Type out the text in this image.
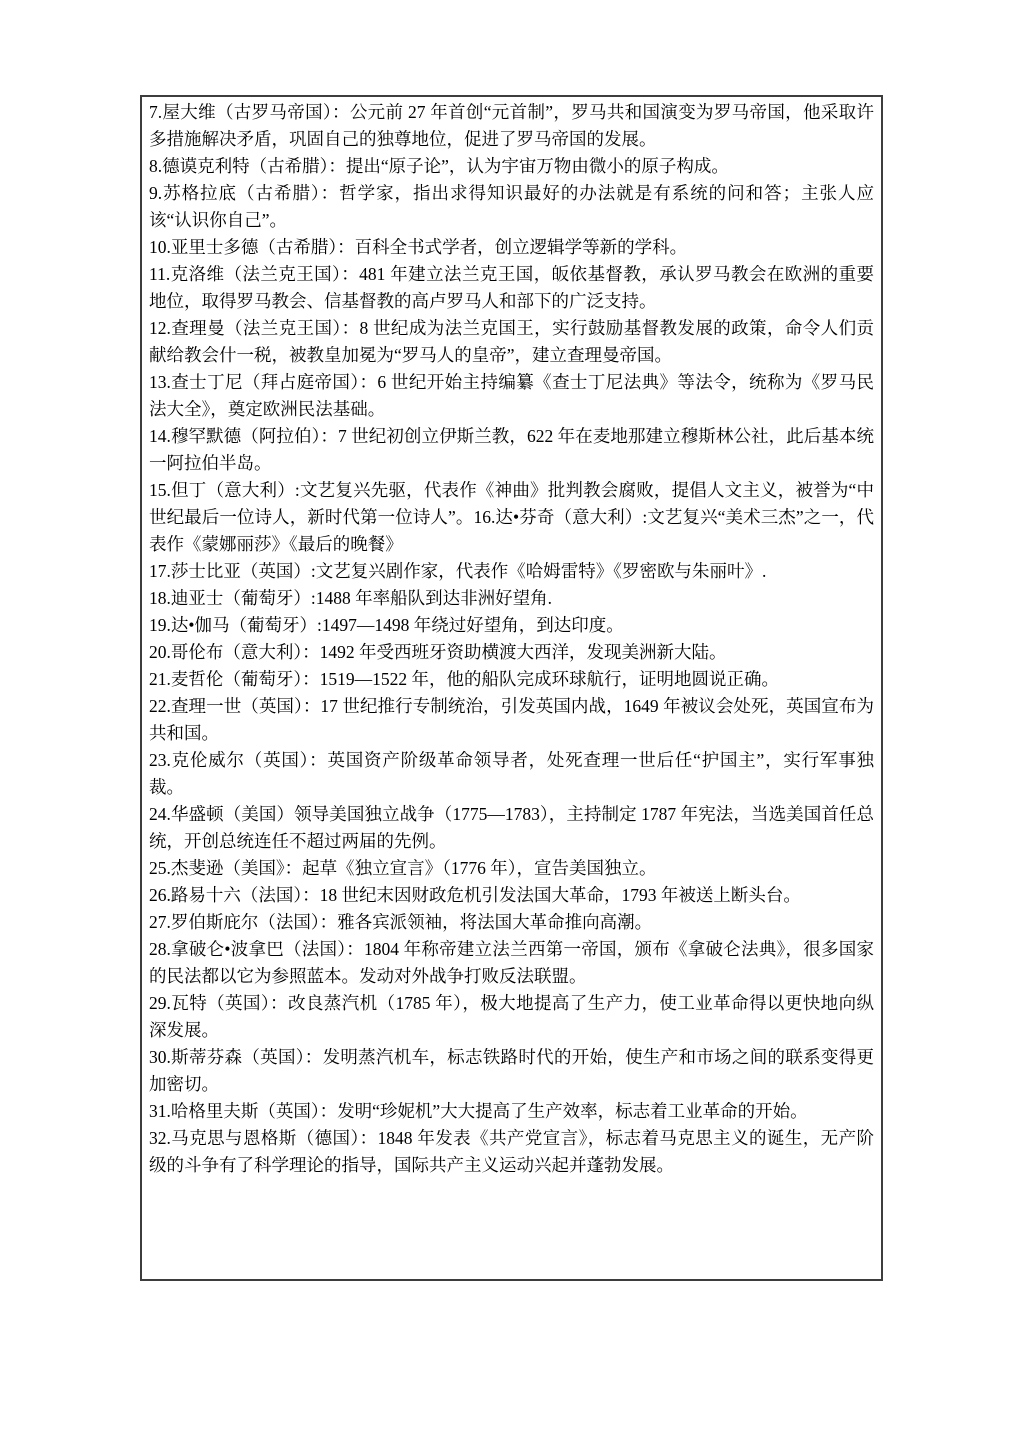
7.屋大维（古罗马帝国）：公元前 27 年首创“元首制”，罗马共和国演变为罗马帝国，他采取许多措施解决矛盾，巩固自己的独尊地位，促进了罗马帝国的发展。

8.德谟克利特（古希腊）：提出“原子论”，认为宇宙万物由微小的原子构成。

9.苏格拉底（古希腊）：哲学家，指出求得知识最好的办法就是有系统的问和答；主张人应该“认识你自己”。

10.亚里士多德（古希腊）：百科全书式学者，创立逻辑学等新的学科。

11.克洛维（法兰克王国）：481 年建立法兰克王国，皈依基督教，承认罗马教会在欧洲的重要地位，取得罗马教会、信基督教的高卢罗马人和部下的广泛支持。

12.查理曼（法兰克王国）：8 世纪成为法兰克国王，实行鼓励基督教发展的政策，命令人们贡献给教会什一税，被教皇加冕为“罗马人的皇帝”，建立查理曼帝国。

13.查士丁尼（拜占庭帝国）：6 世纪开始主持编纂《查士丁尼法典》等法令，统称为《罗马民法大全》，奠定欧洲民法基础。

14.穆罕默德（阿拉伯）：7 世纪初创立伊斯兰教，622 年在麦地那建立穆斯林公社，此后基本统一阿拉伯半岛。

15.但丁（意大利）:文艺复兴先驱，代表作《神曲》批判教会腐败，提倡人文主义，被誉为“中世纪最后一位诗人，新时代第一位诗人”。16.达•芬奇（意大利）:文艺复兴“美术三杰”之一，代表作《蒙娜丽莎》《最后的晚餐》

17.莎士比亚（英国）:文艺复兴剧作家，代表作《哈姆雷特》《罗密欧与朱丽叶》.

18.迪亚士（葡萄牙）:1488 年率船队到达非洲好望角.

19.达•伽马（葡萄牙）:1497—1498 年绕过好望角，到达印度。

20.哥伦布（意大利）：1492 年受西班牙资助横渡大西洋，发现美洲新大陆。

21.麦哲伦（葡萄牙）：1519—1522 年，他的船队完成环球航行，证明地圆说正确。

22.查理一世（英国）：17 世纪推行专制统治，引发英国内战，1649 年被议会处死，英国宣布为共和国。

23.克伦威尔（英国）：英国资产阶级革命领导者，处死查理一世后任“护国主”，实行军事独裁。

24.华盛顿（美国）领导美国独立战争（1775—1783），主持制定 1787 年宪法，当选美国首任总统，开创总统连任不超过两届的先例。

25.杰斐逊（美国》：起草《独立宣言》（1776 年），宣告美国独立。

26.路易十六（法国）：18 世纪末因财政危机引发法国大革命，1793 年被送上断头台。

27.罗伯斯庇尔（法国）：雅各宾派领袖，将法国大革命推向高潮。

28.拿破仑•波拿巴（法国）：1804 年称帝建立法兰西第一帝国，颁布《拿破仑法典》，很多国家的民法都以它为参照蓝本。发动对外战争打败反法联盟。

29.瓦特（英国）：改良蒸汽机（1785 年），极大地提高了生产力，使工业革命得以更快地向纵深发展。

30.斯蒂芬森（英国）：发明蒸汽机车，标志铁路时代的开始，使生产和市场之间的联系变得更加密切。

31.哈格里夫斯（英国）：发明“珍妮机”大大提高了生产效率，标志着工业革命的开始。

32.马克思与恩格斯（德国）：1848 年发表《共产党宣言》，标志着马克思主义的诞生，无产阶级的斗争有了科学理论的指导，国际共产主义运动兴起并蓬勃发展。
